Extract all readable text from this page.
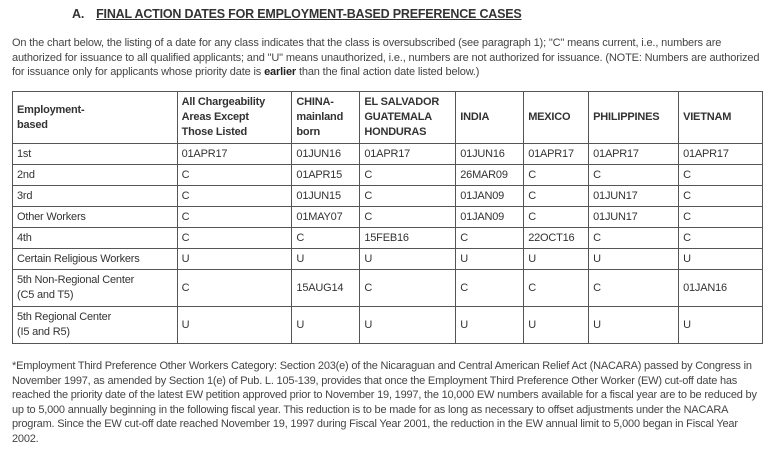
A. FINAL ACTION DATES FOR EMPLOYMENT-BASED PREFERENCE CASES

On the chart below, the listing of a date for any class indicates that the class is oversubscribed (see paragraph 1); "C" means current, i.e., numbers are authorized for issuance to all qualified applicants; and "U" means unauthorized, i.e., numbers are not authorized for issuance. (NOTE: Numbers are authorized for issuance only for applicants whose priority date is earlier than the final action date listed below.)

Employment-
based	All Chargeability
Areas Except
Those Listed	CHINA-
mainland
born	EL SALVADOR
GUATEMALA
HONDURAS	INDIA	MEXICO	PHILIPPINES	VIETNAM
1st	01APR17	01JUN16	01APR17	01JUN16	01APR17	01APR17	01APR17
2nd	C	01APR15	C	26MAR09	C	C	C
3rd	C	01JUN15	C	01JAN09	C	01JUN17	C
Other Workers	C	01MAY07	C	01JAN09	C	01JUN17	C
4th	C	C	15FEB16	C	22OCT16	C	C
Certain Religious Workers	U	U	U	U	U	U	U
5th Non-Regional Center
(C5 and T5)	C	15AUG14	C	C	C	C	01JAN16
5th Regional Center
(I5 and R5)	U	U	U	U	U	U	U

*Employment Third Preference Other Workers Category: Section 203(e) of the Nicaraguan and Central American Relief Act (NACARA) passed by Congress in November 1997, as amended by Section 1(e) of Pub. L. 105-139, provides that once the Employment Third Preference Other Worker (EW) cut-off date has reached the priority date of the latest EW petition approved prior to November 19, 1997, the 10,000 EW numbers available for a fiscal year are to be reduced by up to 5,000 annually beginning in the following fiscal year. This reduction is to be made for as long as necessary to offset adjustments under the NACARA program. Since the EW cut-off date reached November 19, 1997 during Fiscal Year 2001, the reduction in the EW annual limit to 5,000 began in Fiscal Year 2002.
